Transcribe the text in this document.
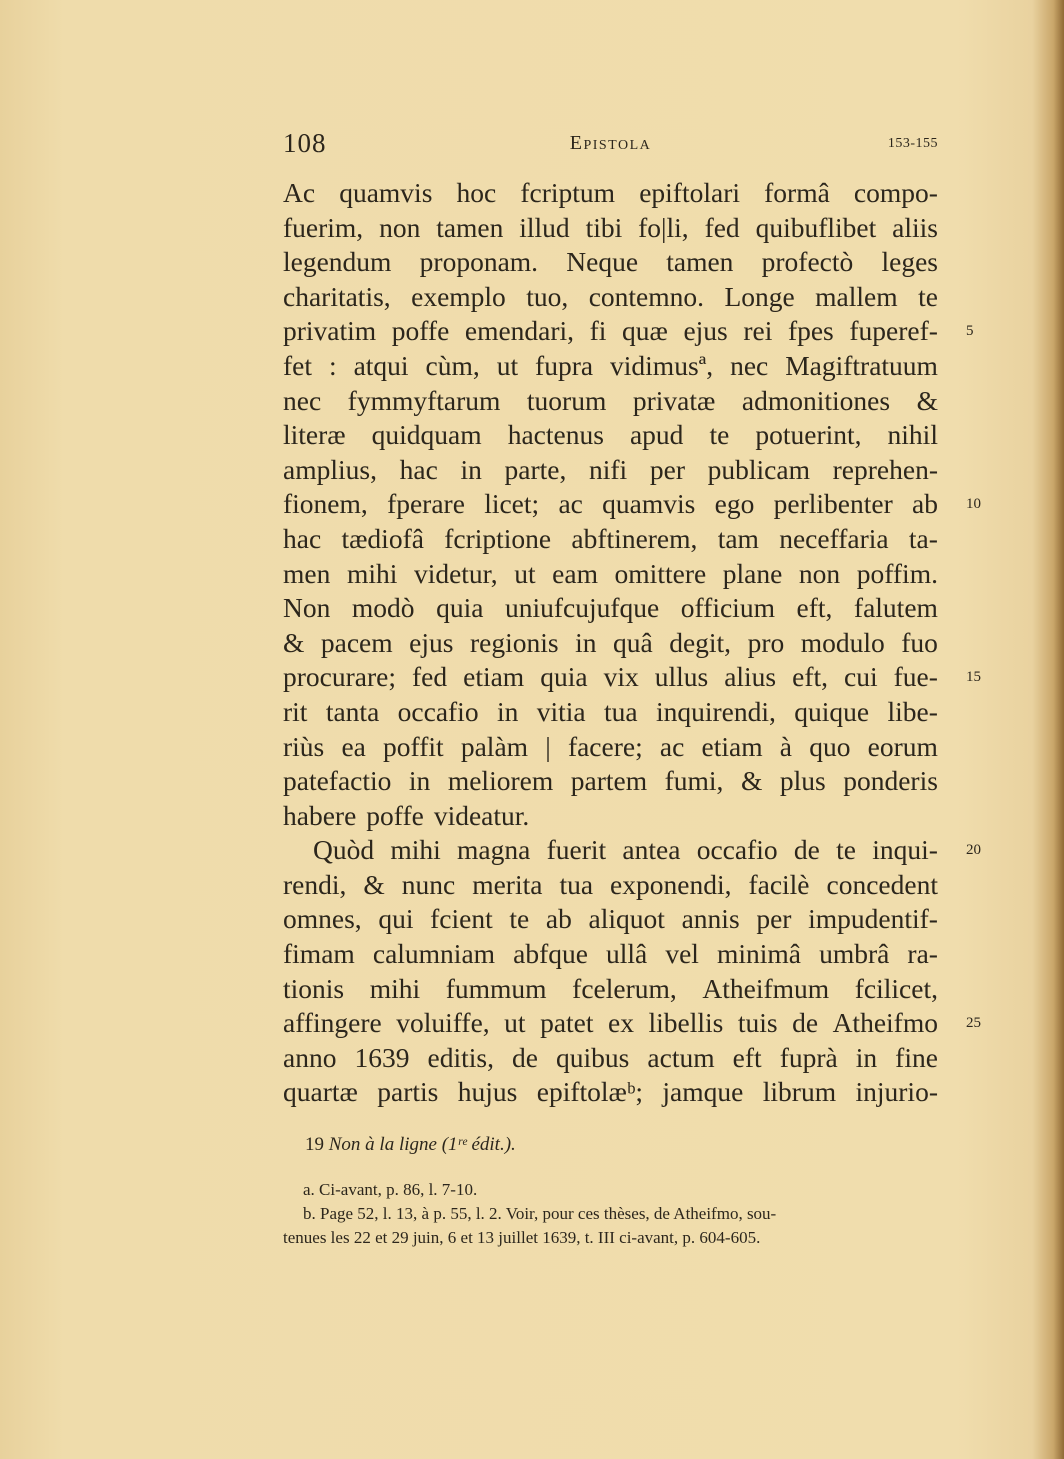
108	Epistola	153-155
Ac quamvis hoc fcriptum epiftolari formâ compo-
fuerim, non tamen illud tibi fo|li, fed quibuflibet aliis
legendum proponam. Neque tamen profectò leges
charitatis, exemplo tuo, contemno. Longe mallem te
privatim poffe emendari, fi quæ ejus rei fpes fuperef- 5
fet : atqui cùm, ut fupra vidimusª, nec Magiftratuum
nec fymmyftarum tuorum privatæ admonitiones &
literæ quidquam hactenus apud te potuerint, nihil
amplius, hac in parte, nifi per publicam reprehen-
fionem, fperare licet; ac quamvis ego perlibenter ab 10
hac tædiofâ fcriptione abftinerem, tam neceffaria ta-
men mihi videtur, ut eam omittere plane non poffim.
Non modò quia uniufcujufque officium eft, falutem
& pacem ejus regionis in quâ degit, pro modulo fuo
procurare; fed etiam quia vix ullus alius eft, cui fue- 15
rit tanta occafio in vitia tua inquirendi, quique libe-
riùs ea poffit palàm | facere; ac etiam à quo eorum
patefactio in meliorem partem fumi, & plus ponderis
habere poffe videatur.
Quòd mihi magna fuerit antea occafio de te inqui- 20
rendi, & nunc merita tua exponendi, facilè concedent
omnes, qui fcient te ab aliquot annis per impudentif-
fimam calumniam abfque ullâ vel minimâ umbrâ ra-
tionis mihi fummum fcelerum, Atheifmum fcilicet,
affingere voluiffe, ut patet ex libellis tuis de Atheifmo 25
anno 1639 editis, de quibus actum eft fuprà in fine
quartæ partis hujus epiftolæᵇ; jamque librum injurio-
19 Non à la ligne (1ʳᵉ édit.).
a. Ci-avant, p. 86, l. 7-10.
b. Page 52, l. 13, à p. 55, l. 2. Voir, pour ces thèses, de Atheifmo, sou-
tenues les 22 et 29 juin, 6 et 13 juillet 1639, t. III ci-avant, p. 604-605.
